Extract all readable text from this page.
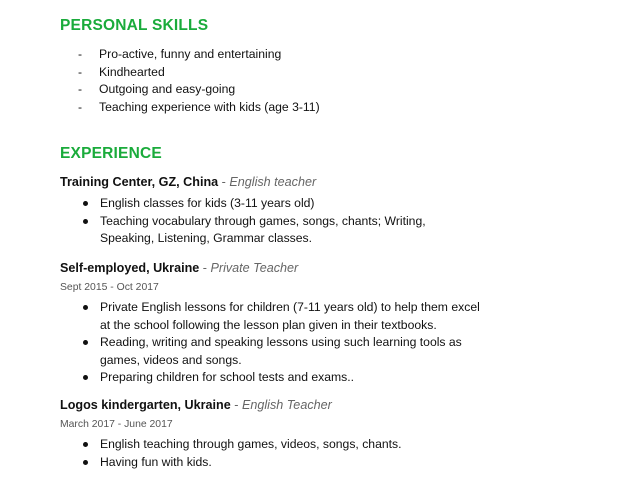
PERSONAL SKILLS
- Pro-active, funny and entertaining
- Kindhearted
- Outgoing and easy-going
- Teaching experience with kids (age 3-11)
EXPERIENCE

Training Center, GZ, China - English teacher

English classes for kids (3-11 years old)
Teaching vocabulary through games, songs, chants; Writing, Speaking, Listening, Grammar classes.

Self-employed, Ukraine - Private Teacher

Sept 2015 - Oct 2017

Private English lessons for children (7-11 years old) to help them excel at the school following the lesson plan given in their textbooks.
Reading, writing and speaking lessons using such learning tools as games, videos and songs.
Preparing children for school tests and exams..

Logos kindergarten, Ukraine - English Teacher

March 2017 - June 2017

English teaching through games, videos, songs, chants.
Having fun with kids.
